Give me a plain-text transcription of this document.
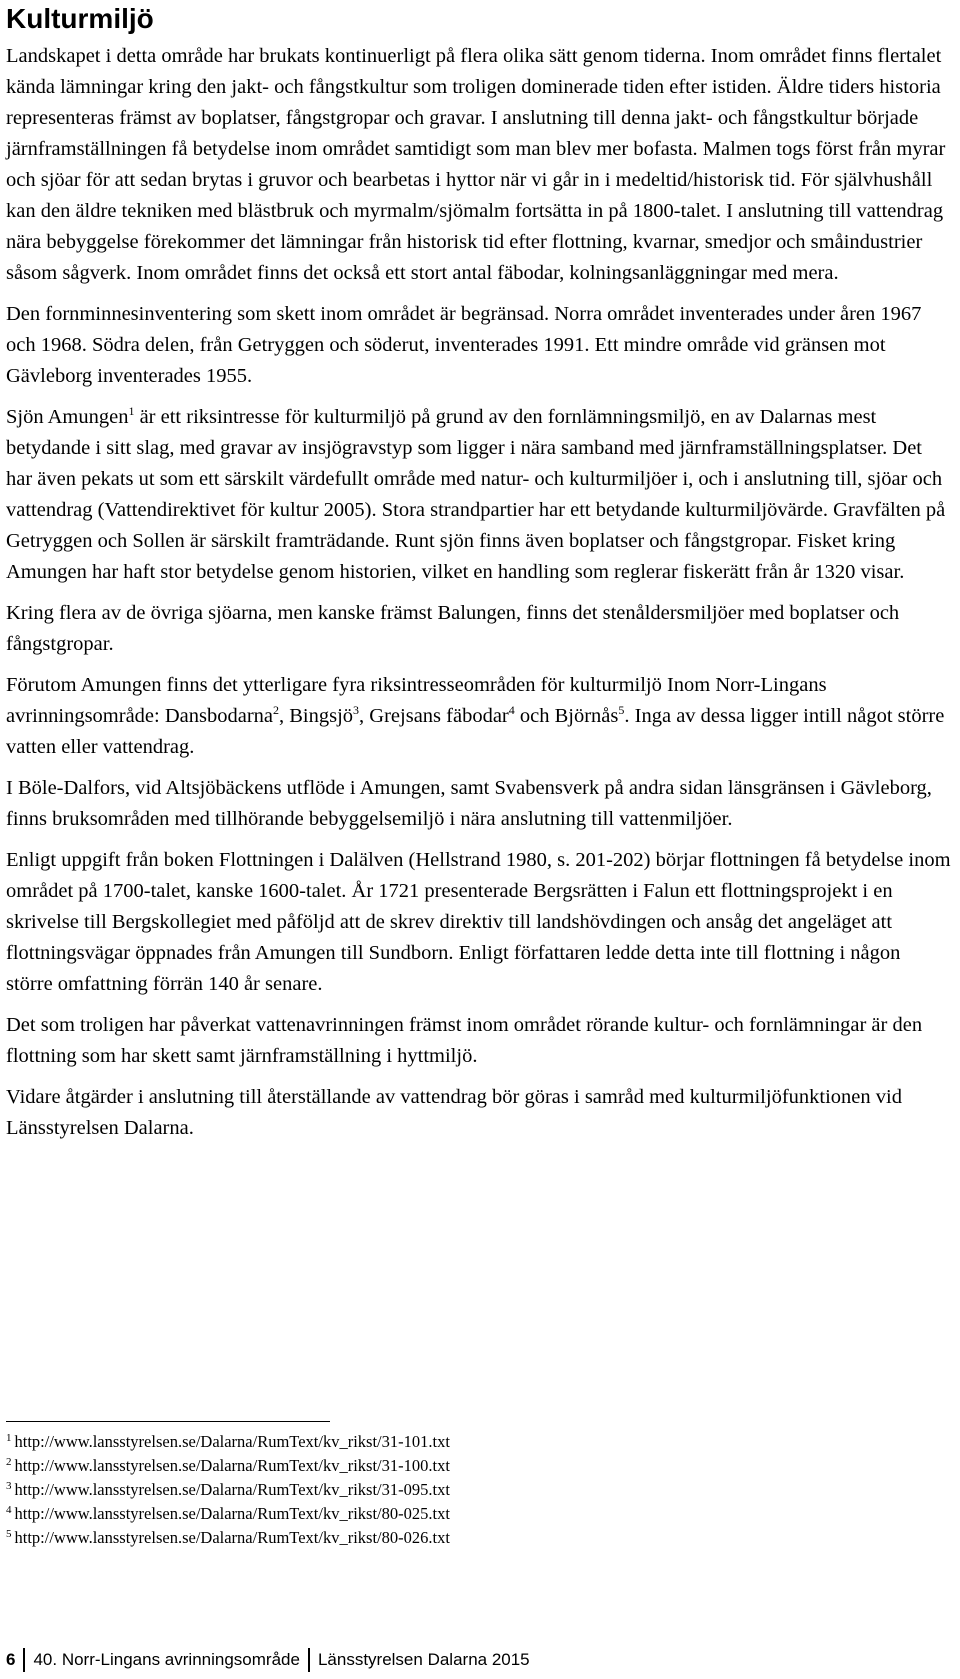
Kulturmiljö

Landskapet i detta område har brukats kontinuerligt på flera olika sätt genom tiderna. Inom området finns flertalet kända lämningar kring den jakt- och fångstkultur som troligen dominerade tiden efter istiden. Äldre tiders historia representeras främst av boplatser, fångstgropar och gravar. I anslutning till denna jakt- och fångstkultur började järnframställningen få betydelse inom området samtidigt som man blev mer bofasta. Malmen togs först från myrar och sjöar för att sedan brytas i gruvor och bearbetas i hyttor när vi går in i medeltid/historisk tid. För självhushåll kan den äldre tekniken med blästbruk och myrmalm/sjömalm fortsätta in på 1800-talet. I anslutning till vattendrag nära bebyggelse förekommer det lämningar från historisk tid efter flottning, kvarnar, smedjor och småindustrier såsom sågverk. Inom området finns det också ett stort antal fäbodar, kolningsanläggningar med mera.

Den fornminnesinventering som skett inom området är begränsad. Norra området inventerades under åren 1967 och 1968. Södra delen, från Getryggen och söderut, inventerades 1991. Ett mindre område vid gränsen mot Gävleborg inventerades 1955.

Sjön Amungen$^1$ är ett riksintresse för kulturmiljö på grund av den fornlämningsmiljö, en av Dalarnas mest betydande i sitt slag, med gravar av insjögravstyp som ligger i nära samband med järnframställningsplatser. Det har även pekats ut som ett särskilt värdefullt område med natur- och kulturmiljöer i, och i anslutning till, sjöar och vattendrag (Vattendirektivet för kultur 2005). Stora strandpartier har ett betydande kulturmiljövärde. Gravfälten på Getryggen och Sollen är särskilt framträdande. Runt sjön finns även boplatser och fångstgropar. Fisket kring Amungen har haft stor betydelse genom historien, vilket en handling som reglerar fiskerätt från år 1320 visar.

Kring flera av de övriga sjöarna, men kanske främst Balungen, finns det stenåldersmiljöer med boplatser och fångstgropar.

Förutom Amungen finns det ytterligare fyra riksintresseområden för kulturmiljö Inom Norr-Lingans avrinningsområde: Dansbodarna$^2$, Bingsjö$^3$, Grejsans fäbodar$^4$ och Björnås$^5$. Inga av dessa ligger intill något större vatten eller vattendrag.

I Böle-Dalfors, vid Altsjöbäckens utflöde i Amungen, samt Svabensverk på andra sidan länsgränsen i Gävleborg, finns bruksområden med tillhörande bebyggelsemiljö i nära anslutning till vattenmiljöer.

Enligt uppgift från boken Flottningen i Dalälven (Hellstrand 1980, s. 201-202) börjar flottningen få betydelse inom området på 1700-talet, kanske 1600-talet. År 1721 presenterade Bergsrätten i Falun ett flottningsprojekt i en skrivelse till Bergskollegiet med påföljd att de skrev direktiv till landshövdingen och ansåg det angeläget att flottningsvägar öppnades från Amungen till Sundborn. Enligt författaren ledde detta inte till flottning i någon större omfattning förrän 140 år senare.

Det som troligen har påverkat vattenavrinningen främst inom området rörande kultur- och fornlämningar är den flottning som har skett samt järnframställning i hyttmiljö.

Vidare åtgärder i anslutning till återställande av vattendrag bör göras i samråd med kulturmiljöfunktionen vid Länsstyrelsen Dalarna.

$^1$ http://www.lansstyrelsen.se/Dalarna/RumText/kv_rikst/31-101.txt
$^2$ http://www.lansstyrelsen.se/Dalarna/RumText/kv_rikst/31-100.txt
$^3$ http://www.lansstyrelsen.se/Dalarna/RumText/kv_rikst/31-095.txt
$^4$ http://www.lansstyrelsen.se/Dalarna/RumText/kv_rikst/80-025.txt
$^5$ http://www.lansstyrelsen.se/Dalarna/RumText/kv_rikst/80-026.txt
6 40. Norr-Lingans avrinningsområde Länsstyrelsen Dalarna 2015
